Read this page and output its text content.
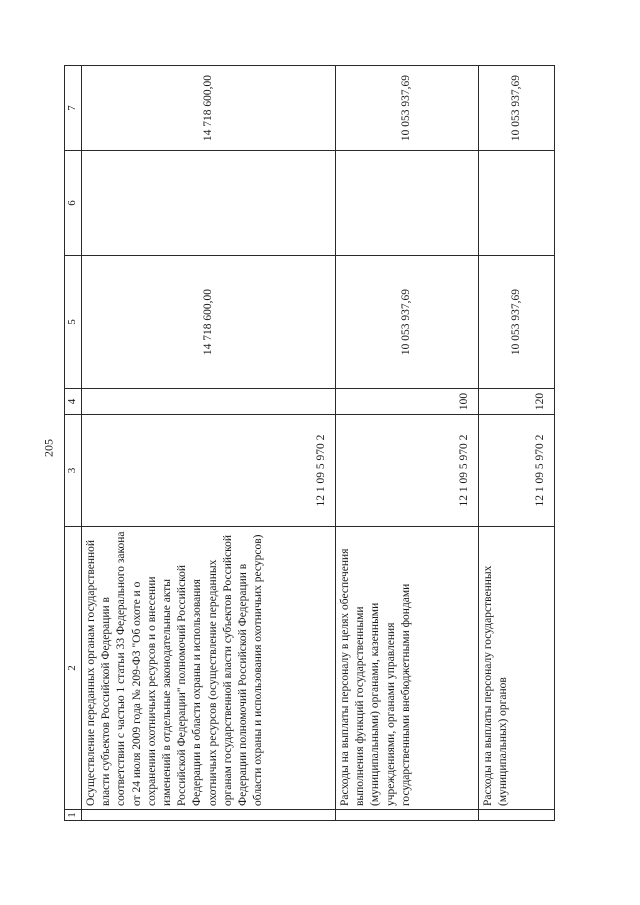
205
1	2	3	4	5	6	7
	Осуществление переданных органам государственной власти субъектов Российской Федерации в соответствии с частью 1 статьи 33 Федерального закона от 24 июля 2009 года № 209-ФЗ "Об охоте и о сохранении охотничьих ресурсов и о внесении изменений в отдельные законодательные акты Российской Федерации" полномочий Российской Федерации в области охраны и использования охотничьих ресурсов (осуществление переданных органам государственной власти субъектов Российской Федерации полномочий Российской Федерации в области охраны и использования охотничьих ресурсов)	12 1 09 5 970 2		14 718 600,00		14 718 600,00
	Расходы на выплаты персоналу в целях обеспечения выполнения функций государственными (муниципальными) органами, казенными учреждениями, органами управления государственными внебюджетными фондами	12 1 09 5 970 2	100	10 053 937,69		10 053 937,69
	Расходы на выплаты персоналу государственных (муниципальных) органов	12 1 09 5 970 2	120	10 053 937,69		10 053 937,69
